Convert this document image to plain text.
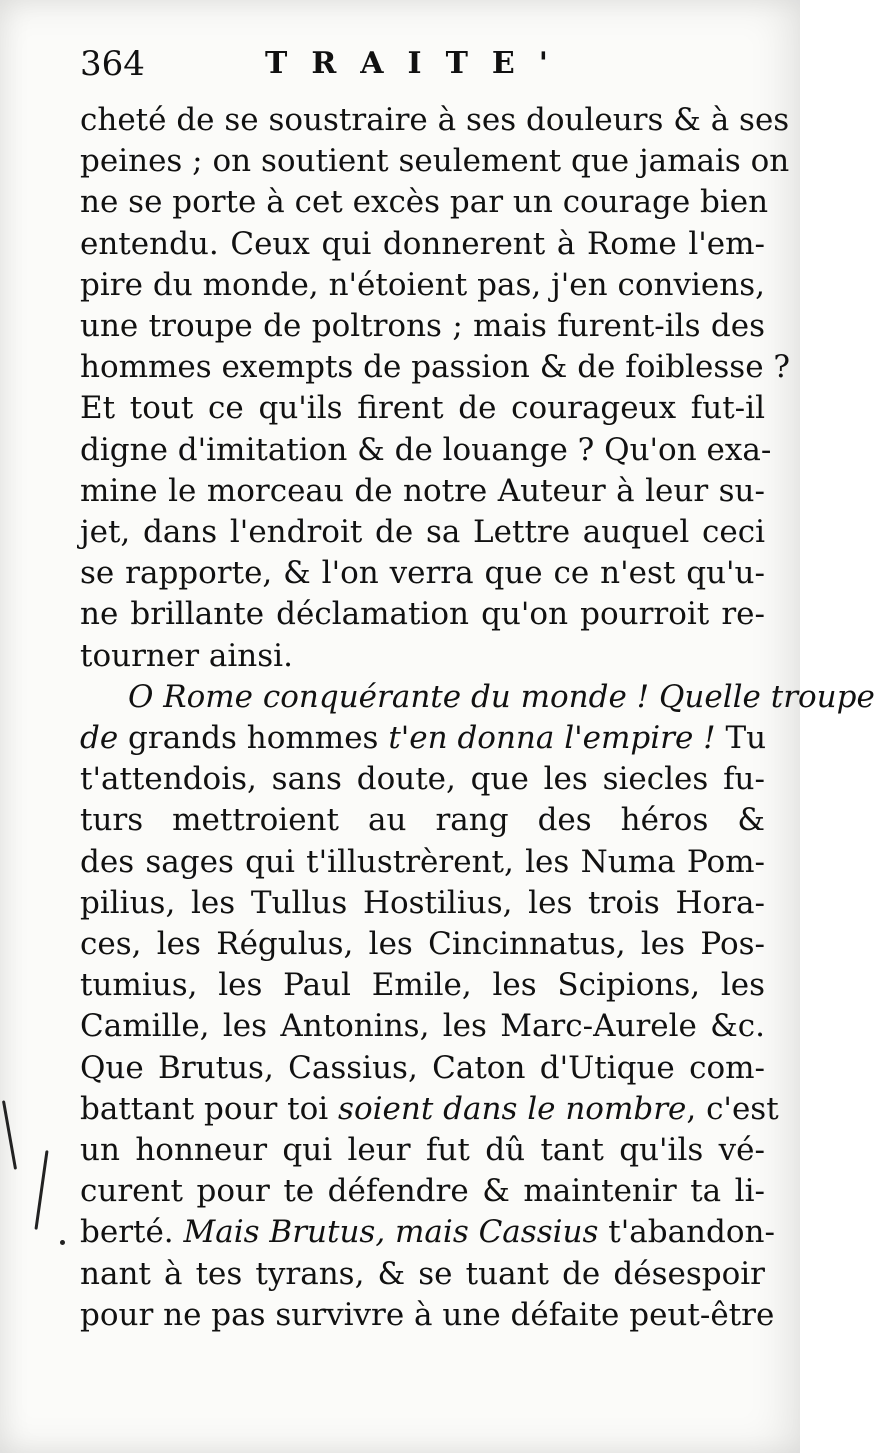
364	TRAITE'
cheté de se soustraire à ses douleurs & à ses
peines ; on soutient seulement que jamais on
ne se porte à cet excès par un courage bien
entendu. Ceux qui donnerent à Rome l'em-
pire du monde, n'étoient pas, j'en conviens,
une troupe de poltrons ; mais furent-ils des
hommes exempts de passion & de foiblesse ?
Et tout ce qu'ils firent de courageux fut-il
digne d'imitation & de louange ? Qu'on exa-
mine le morceau de notre Auteur à leur su-
jet, dans l'endroit de sa Lettre auquel ceci
se rapporte, & l'on verra que ce n'est qu'u-
ne brillante déclamation qu'on pourroit re-
tourner ainsi.
O Rome conquérante du monde ! Quelle troupe
de grands hommes t'en donna l'empire ! Tu
t'attendois, sans doute, que les siecles fu-
turs mettroient au rang des héros &
des sages qui t'illustrèrent, les Numa Pom-
pilius, les Tullus Hostilius, les trois Hora-
ces, les Régulus, les Cincinnatus, les Pos-
tumius, les Paul Emile, les Scipions, les
Camille, les Antonins, les Marc-Aurele &c.
Que Brutus, Cassius, Caton d'Utique com-
battant pour toi soient dans le nombre, c'est
un honneur qui leur fut dû tant qu'ils vé-
curent pour te défendre & maintenir ta li-
berté. Mais Brutus, mais Cassius t'abandon-
nant à tes tyrans, & se tuant de désespoir
pour ne pas survivre à une défaite peut-être
